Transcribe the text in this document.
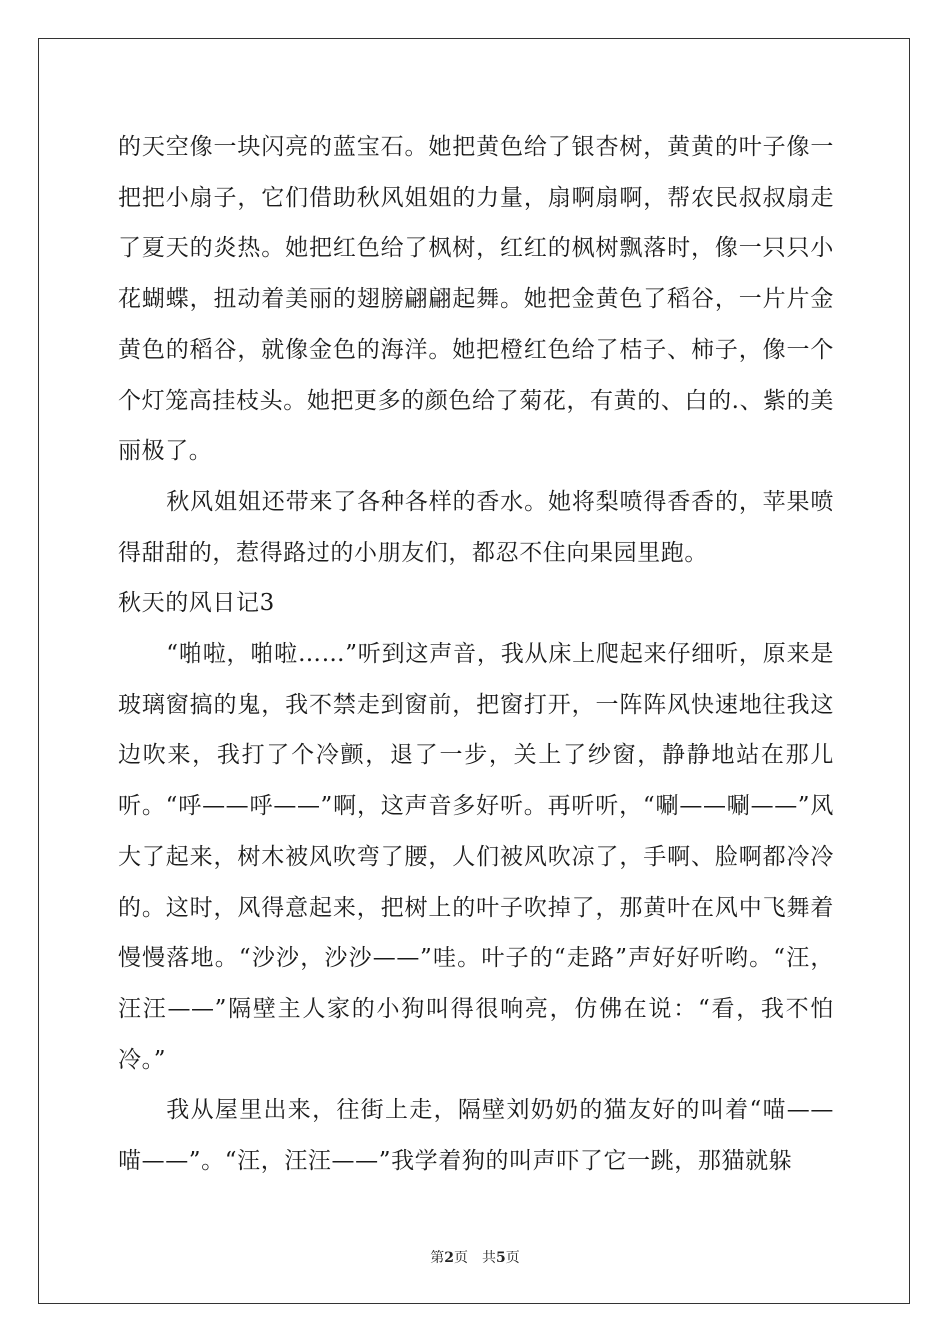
的天空像一块闪亮的蓝宝石。她把黄色给了银杏树，黄黄的叶子像一把把小扇子，它们借助秋风姐姐的力量，扇啊扇啊，帮农民叔叔扇走了夏天的炎热。她把红色给了枫树，红红的枫树飘落时，像一只只小花蝴蝶，扭动着美丽的翅膀翩翩起舞。她把金黄色了稻谷，一片片金黄色的稻谷，就像金色的海洋。她把橙红色给了桔子、柿子，像一个个灯笼高挂枝头。她把更多的颜色给了菊花，有黄的、白的.、紫的美丽极了。

秋风姐姐还带来了各种各样的香水。她将梨喷得香香的，苹果喷得甜甜的，惹得路过的小朋友们，都忍不住向果园里跑。

秋天的风日记3

“啪啦，啪啦……”听到这声音，我从床上爬起来仔细听，原来是玻璃窗搞的鬼，我不禁走到窗前，把窗打开，一阵阵风快速地往我这边吹来，我打了个冷颤，退了一步，关上了纱窗，静静地站在那儿听。“呼——呼——”啊，这声音多好听。再听听，“唰——唰——”风大了起来，树木被风吹弯了腰，人们被风吹凉了，手啊、脸啊都冷冷的。这时，风得意起来，把树上的叶子吹掉了，那黄叶在风中飞舞着慢慢落地。“沙沙，沙沙——”哇。叶子的“走路”声好好听哟。“汪，汪汪——”隔壁主人家的小狗叫得很响亮，仿佛在说：“看，我不怕冷。”

我从屋里出来，往街上走，隔壁刘奶奶的猫友好的叫着“喵——喵——”。“汪，汪汪——”我学着狗的叫声吓了它一跳，那猫就躲

第2页 共5页
